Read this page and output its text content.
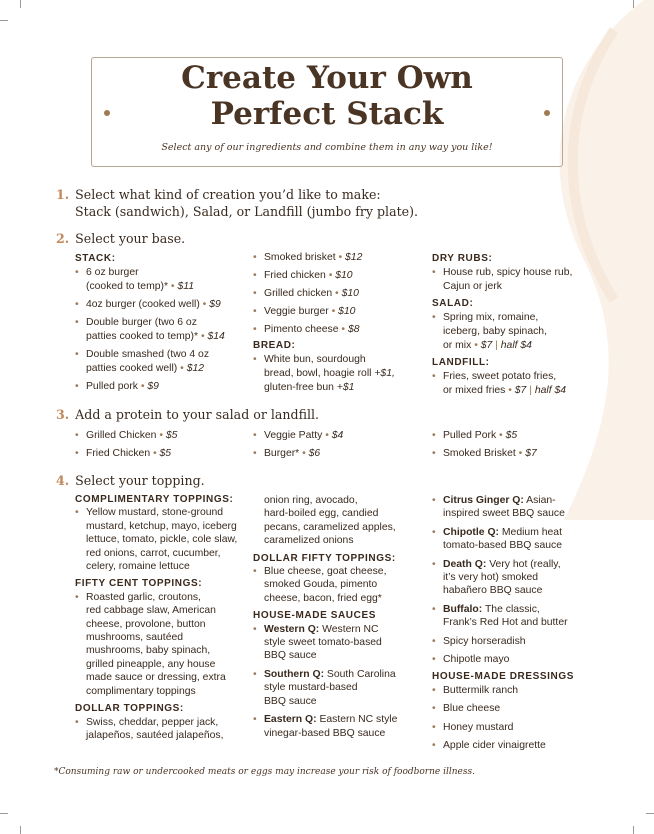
Create Your Own
Perfect Stack
Select any of our ingredients and combine them in any way you like!
1. Select what kind of creation you’d like to make:
Stack (sandwich), Salad, or Landfill (jumbo fry plate).
2. Select your base.
STACK:
• 6 oz burger
(cooked to temp)* • $11
• 4oz burger (cooked well) • $9
• Double burger (two 6 oz
patties cooked to temp)* • $14
• Double smashed (two 4 oz
patties cooked well) • $12
• Pulled pork • $9
• Smoked brisket • $12
• Fried chicken • $10
• Grilled chicken • $10
• Veggie burger • $10
• Pimento cheese • $8
BREAD:
• White bun, sourdough
bread, bowl, hoagie roll +$1,
gluten-free bun +$1
DRY RUBS:
• House rub, spicy house rub,
Cajun or jerk
SALAD:
• Spring mix, romaine,
iceberg, baby spinach,
or mix • $7 | half $4
LANDFILL:
• Fries, sweet potato fries,
or mixed fries • $7 | half $4
3. Add a protein to your salad or landfill.
• Grilled Chicken • $5
• Fried Chicken • $5
• Veggie Patty • $4
• Burger* • $6
• Pulled Pork • $5
• Smoked Brisket • $7
4. Select your topping.
COMPLIMENTARY TOPPINGS:
• Yellow mustard, stone-ground
mustard, ketchup, mayo, iceberg
lettuce, tomato, pickle, cole slaw,
red onions, carrot, cucumber,
celery, romaine lettuce
FIFTY CENT TOPPINGS:
• Roasted garlic, croutons,
red cabbage slaw, American
cheese, provolone, button
mushrooms, sautéed
mushrooms, baby spinach,
grilled pineapple, any house
made sauce or dressing, extra
complimentary toppings
DOLLAR TOPPINGS:
• Swiss, cheddar, pepper jack,
jalapeños, sautéed jalapeños,
onion ring, avocado,
hard-boiled egg, candied
pecans, caramelized apples,
caramelized onions
DOLLAR FIFTY TOPPINGS:
• Blue cheese, goat cheese,
smoked Gouda, pimento
cheese, bacon, fried egg*
HOUSE-MADE SAUCES
• Western Q: Western NC
style sweet tomato-based
BBQ sauce
• Southern Q: South Carolina
style mustard-based
BBQ sauce
• Eastern Q: Eastern NC style
vinegar-based BBQ sauce
• Citrus Ginger Q: Asian-
inspired sweet BBQ sauce
• Chipotle Q: Medium heat
tomato-based BBQ sauce
• Death Q: Very hot (really,
it’s very hot) smoked
habañero BBQ sauce
• Buffalo: The classic,
Frank’s Red Hot and butter
• Spicy horseradish
• Chipotle mayo
HOUSE-MADE DRESSINGS
• Buttermilk ranch
• Blue cheese
• Honey mustard
• Apple cider vinaigrette
*Consuming raw or undercooked meats or eggs may increase your risk of foodborne illness.
